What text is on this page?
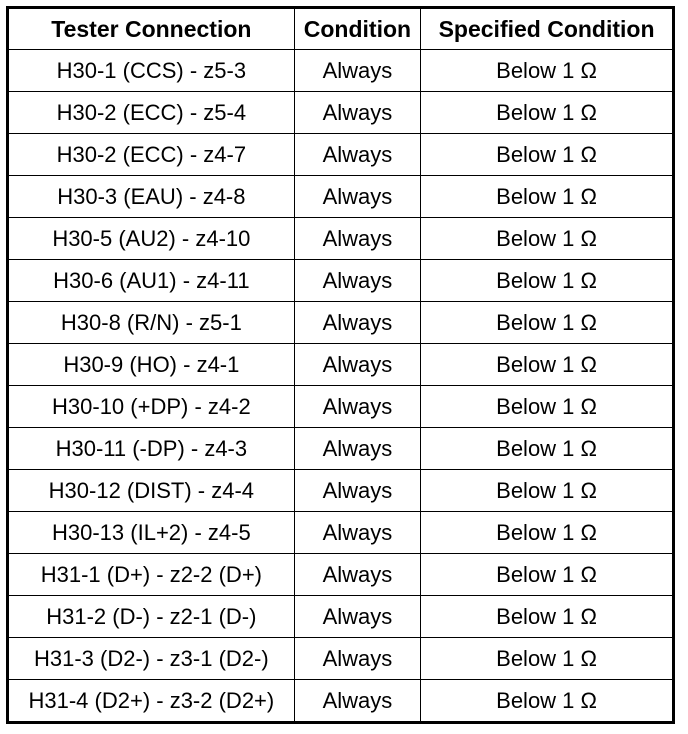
Tester Connection	Condition	Specified Condition
H30-1 (CCS) - z5-3	Always	Below 1 Ω
H30-2 (ECC) - z5-4	Always	Below 1 Ω
H30-2 (ECC) - z4-7	Always	Below 1 Ω
H30-3 (EAU) - z4-8	Always	Below 1 Ω
H30-5 (AU2) - z4-10	Always	Below 1 Ω
H30-6 (AU1) - z4-11	Always	Below 1 Ω
H30-8 (R/N) - z5-1	Always	Below 1 Ω
H30-9 (HO) - z4-1	Always	Below 1 Ω
H30-10 (+DP) - z4-2	Always	Below 1 Ω
H30-11 (-DP) - z4-3	Always	Below 1 Ω
H30-12 (DIST) - z4-4	Always	Below 1 Ω
H30-13 (IL+2) - z4-5	Always	Below 1 Ω
H31-1 (D+) - z2-2 (D+)	Always	Below 1 Ω
H31-2 (D-) - z2-1 (D-)	Always	Below 1 Ω
H31-3 (D2-) - z3-1 (D2-)	Always	Below 1 Ω
H31-4 (D2+) - z3-2 (D2+)	Always	Below 1 Ω
